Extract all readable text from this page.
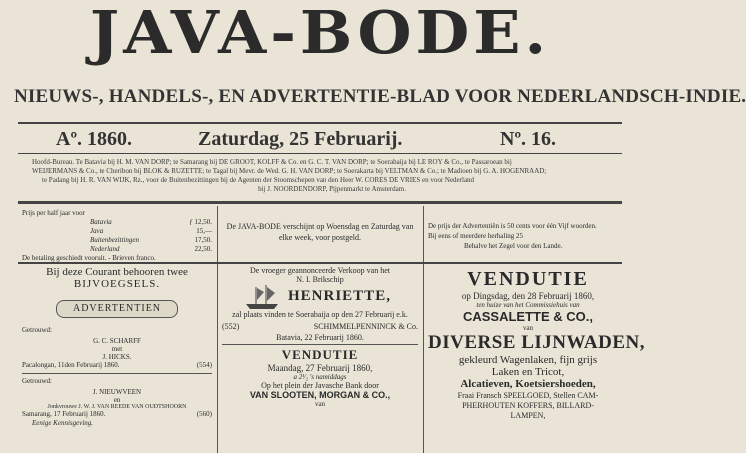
JAVA-BODE.
NIEUWS-, HANDELS-, EN ADVERTENTIE-BLAD VOOR NEDERLANDSCH-INDIE.
Aº. 1860.	Zaturdag, 25 Februarij.	Nº. 16.

Hoofd-Bureau. Te Batavia bij H. M. VAN DORP; te Samarang bij DE GROOT, KOLFF & Co. en G. C. T. VAN DORP; te Soerabaija bij LE ROY & Co., te Passaroean bij

WEIJERMANS & Co., te Cheribon bij BLOK & RUZETTE; te Tagal bij Mevr. de Wed. G. H. VAN DORP; te Soerakarta bij VELTMAN & Co.; te Madioen bij G. A. HOGENRAAD;

te Padang bij H. R. VAN WIJK, Rz., voor de Buitenbezittingen bij de Agenten der Stoomschepen van den Heer W. CORES DE VRIES en voor Nederland

bij J. NOORDENDORP, Pijpenmarkt te Amsterdam.

Prijs per half jaar voor
Batavia	ƒ 12,50.
Java	15,—
Buitenbezittingen	17,50.
Nederland	22,50.
De betaling geschiedt vooruit. - Brieven franco.
De JAVA-BODE verschijnt op Woensdag en Zaturdag van elke week, voor postgeld.

De prijs der Advertentiën is 50 cents voor één Vijf woorden.

Bij eens of meerdere herhaling 25

Behalve het Zegel voor den Lande.

Bij deze Courant behooren twee
BIJVOEGSELS.
ADVERTENTIEN
Getrouwd:
G. C. SCHARFF
met
J. HICKS.
Pacalongan, 11den Februarij 1860.	(554)
Getrouwd:
J. NIEUWVEEN
en
Jonkvrouwe J. W. J. VAN REEDE VAN OUDTSHOORN
Samarang, 17 Februarij 1860.	(560)
Eenige Kennisgeving.
De vroeger geannonceerde Verkoop van het
N. I. Brikschip
HENRIETTE,
zal plaats vinden te Soerabaija op den 27 Februarij e.k.
(552)	SCHIMMELPENNINCK & Co.
Batavia, 22 Februarij 1860.
VENDUTIE
Maandag, 27 Februarij 1860,
a 2¹⁄₂ 's namiddags
Op het plein der Javasche Bank door
VAN SLOOTEN, MORGAN & CO.,
van
VENDUTIE
op Dingsdag, den 28 Februarij 1860,
ten huize van het Commissiehuis van
CASSALETTE & CO.,
van
DIVERSE LIJNWADEN,
gekleurd Wagenlaken, fijn grijs
Laken en Tricot,
Alcatieven, Koetsiershoeden,
Fraai Fransch SPEELGOED, Stellen CAM-
PHERHOUTEN KOFFERS, BILLARD-
LAMPEN,
